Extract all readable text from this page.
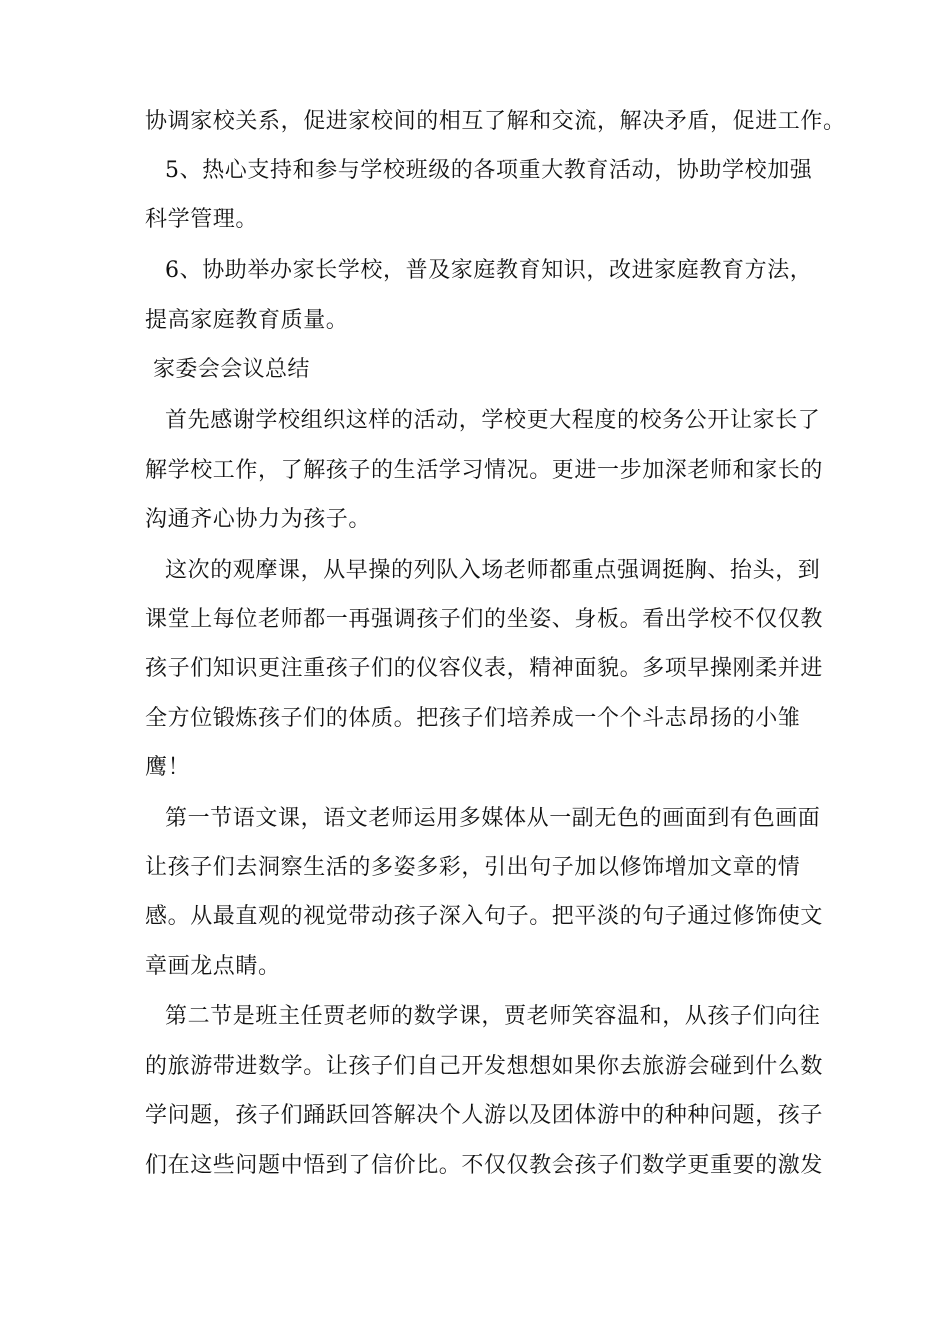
协调家校关系，促进家校间的相互了解和交流，解决矛盾，促进工作。
5、热心支持和参与学校班级的各项重大教育活动，协助学校加强
科学管理。
6、协助举办家长学校，普及家庭教育知识，改进家庭教育方法，
提高家庭教育质量。
家委会会议总结
首先感谢学校组织这样的活动，学校更大程度的校务公开让家长了
解学校工作，了解孩子的生活学习情况。更进一步加深老师和家长的
沟通齐心协力为孩子。
这次的观摩课，从早操的列队入场老师都重点强调挺胸、抬头，到
课堂上每位老师都一再强调孩子们的坐姿、身板。看出学校不仅仅教
孩子们知识更注重孩子们的仪容仪表，精神面貌。多项早操刚柔并进
全方位锻炼孩子们的体质。把孩子们培养成一个个斗志昂扬的小雏
鹰！
第一节语文课，语文老师运用多媒体从一副无色的画面到有色画面
让孩子们去洞察生活的多姿多彩，引出句子加以修饰增加文章的情
感。从最直观的视觉带动孩子深入句子。把平淡的句子通过修饰使文
章画龙点睛。
第二节是班主任贾老师的数学课，贾老师笑容温和，从孩子们向往
的旅游带进数学。让孩子们自己开发想想如果你去旅游会碰到什么数
学问题，孩子们踊跃回答解决个人游以及团体游中的种种问题，孩子
们在这些问题中悟到了信价比。不仅仅教会孩子们数学更重要的激发
